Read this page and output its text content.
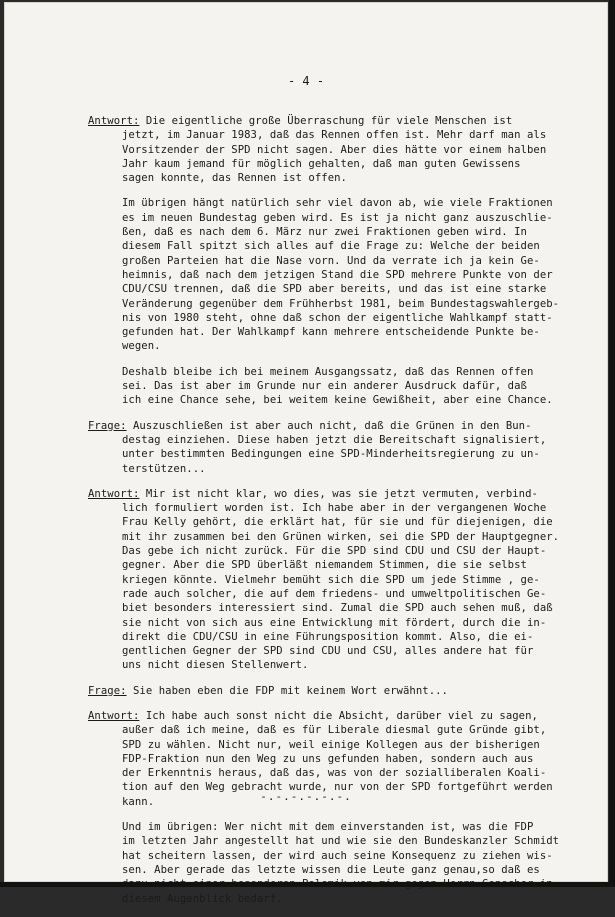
- 4 -
Antwort: Die eigentliche große Überraschung für viele Menschen ist
jetzt, im Januar 1983, daß das Rennen offen ist. Mehr darf man als
Vorsitzender der SPD nicht sagen. Aber dies hätte vor einem halben
Jahr kaum jemand für möglich gehalten, daß man guten Gewissens
sagen konnte, das Rennen ist offen.
Im übrigen hängt natürlich sehr viel davon ab, wie viele Fraktionen
es im neuen Bundestag geben wird. Es ist ja nicht ganz auszuschlie-
ßen, daß es nach dem 6. März nur zwei Fraktionen geben wird. In
diesem Fall spitzt sich alles auf die Frage zu: Welche der beiden
großen Parteien hat die Nase vorn. Und da verrate ich ja kein Ge-
heimnis, daß nach dem jetzigen Stand die SPD mehrere Punkte von der
CDU/CSU trennen, daß die SPD aber bereits, und das ist eine starke
Veränderung gegenüber dem Frühherbst 1981, beim Bundestagswahlergeb-
nis von 1980 steht, ohne daß schon der eigentliche Wahlkampf statt-
gefunden hat. Der Wahlkampf kann mehrere entscheidende Punkte be-
wegen.
Deshalb bleibe ich bei meinem Ausgangssatz, daß das Rennen offen
sei. Das ist aber im Grunde nur ein anderer Ausdruck dafür, daß
ich eine Chance sehe, bei weitem keine Gewißheit, aber eine Chance.
Frage: Auszuschließen ist aber auch nicht, daß die Grünen in den Bun-
destag einziehen. Diese haben jetzt die Bereitschaft signalisiert,
unter bestimmten Bedingungen eine SPD-Minderheitsregierung zu un-
terstützen...
Antwort: Mir ist nicht klar, wo dies, was sie jetzt vermuten, verbind-
lich formuliert worden ist. Ich habe aber in der vergangenen Woche
Frau Kelly gehört, die erklärt hat, für sie und für diejenigen, die
mit ihr zusammen bei den Grünen wirken, sei die SPD der Hauptgegner.
Das gebe ich nicht zurück. Für die SPD sind CDU und CSU der Haupt-
gegner. Aber die SPD überläßt niemandem Stimmen, die sie selbst
kriegen könnte. Vielmehr bemüht sich die SPD um jede Stimme , ge-
rade auch solcher, die auf dem friedens- und umweltpolitischen Ge-
biet besonders interessiert sind. Zumal die SPD auch sehen muß, daß
sie nicht von sich aus eine Entwicklung mit fördert, durch die in-
direkt die CDU/CSU in eine Führungsposition kommt. Also, die ei-
gentlichen Gegner der SPD sind CDU und CSU, alles andere hat für
uns nicht diesen Stellenwert.
Frage: Sie haben eben die FDP mit keinem Wort erwähnt...
Antwort: Ich habe auch sonst nicht die Absicht, darüber viel zu sagen,
außer daß ich meine, daß es für Liberale diesmal gute Gründe gibt,
SPD zu wählen. Nicht nur, weil einige Kollegen aus der bisherigen
FDP-Fraktion nun den Weg zu uns gefunden haben, sondern auch aus
der Erkenntnis heraus, daß das, was von der sozialliberalen Koali-
tion auf den Weg gebracht wurde, nur von der SPD fortgeführt werden
kann.
Und im übrigen: Wer nicht mit dem einverstanden ist, was die FDP
im letzten Jahr angestellt hat und wie sie den Bundeskanzler Schmidt
hat scheitern lassen, der wird auch seine Konsequenz zu ziehen wis-
sen. Aber gerade das letzte wissen die Leute ganz genau,so daß es
dazu nicht einer besonderen Polemik von mir gegen Herrn Genscher in
diesem Augenblick bedarf.
-.-.-.-.-.-.
